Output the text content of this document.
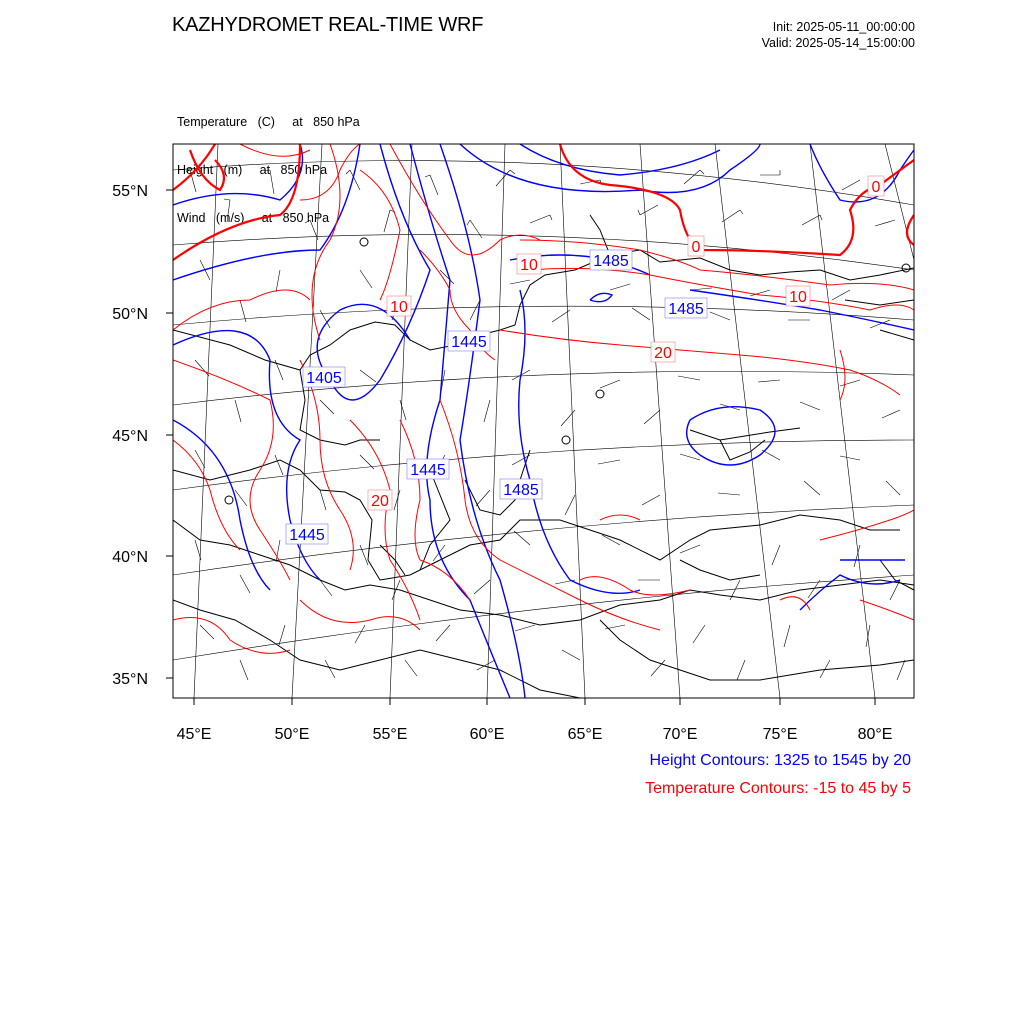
KAZHYDROMET REAL-TIME WRF	Init: 2025-05-11_00:00:00
Valid: 2025-05-14_15:00:00

Temperature   (C)     at   850 hPa

Height   (m)     at   850 hPa

Wind   (m/s)     at   850 hPa

55°N
50°N
45°N
40°N
35°N
45°E	50°E	55°E	60°E	65°E	70°E	75°E	80°E
1405
1445
1445
1445
1485
1485
1485
0
0
10
10
10
20
20
Height Contours: 1325 to 1545 by 20
Temperature Contours: -15 to 45 by 5
